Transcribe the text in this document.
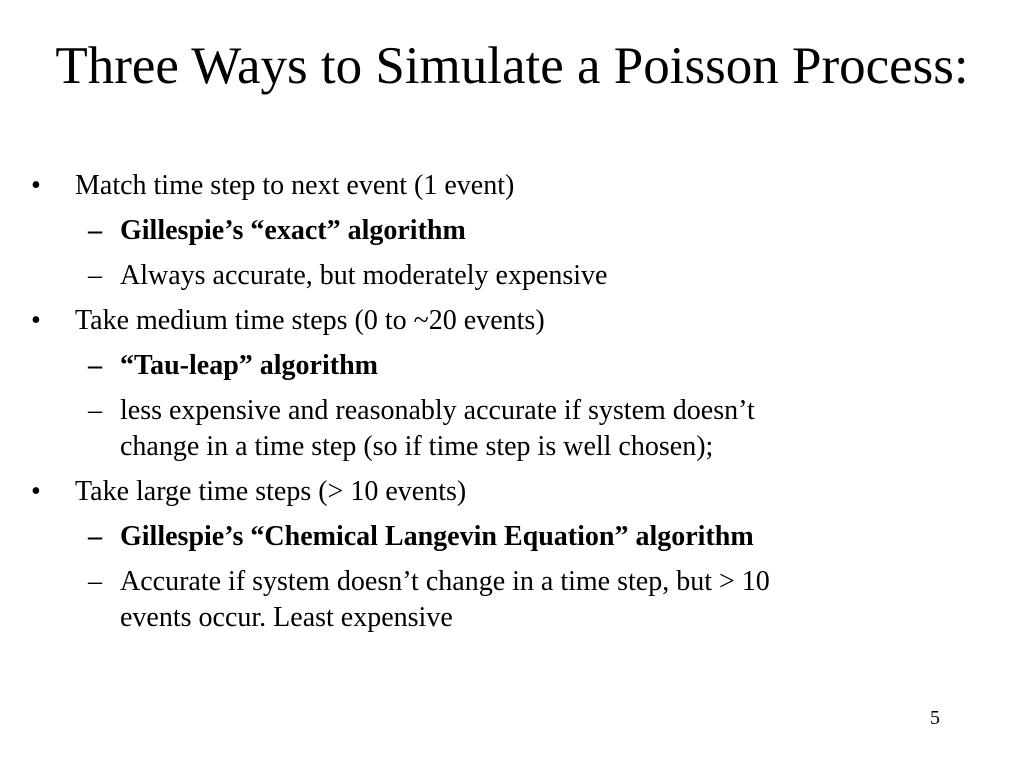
Three Ways to Simulate a Poisson Process:
• Match time step to next event (1 event)
– Gillespie’s “exact” algorithm
– Always accurate, but moderately expensive
• Take medium time steps (0 to ~20 events)
– “Tau-leap” algorithm
– less expensive and reasonably accurate if system doesn’t
change in a time step (so if time step is well chosen);
• Take large time steps (> 10 events)
– Gillespie’s “Chemical Langevin Equation” algorithm
– Accurate if system doesn’t change in a time step, but > 10
events occur. Least expensive
5
